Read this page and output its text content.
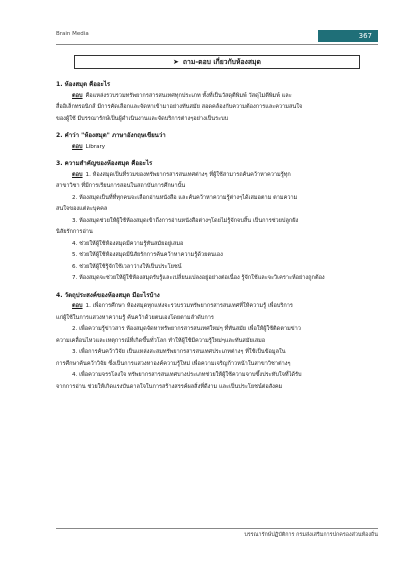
Brain Media	367
➤ ถาม-ตอบ เกี่ยวกับห้องสมุด
1. ห้องสมุด คืออะไร

ตอบ คือแหล่งรวบรวมทรัพยากรสารสนเทศทุกประเภท ทั้งที่เป็นวัสดุตีพิมพ์ วัสดุไม่ตีพิมพ์ และ

สื่ออิเล็กทรอนิกส์ มีการคัดเลือกและจัดหาเข้ามาอย่างทันสมัย สอดคล้องกับความต้องการและความสนใจ

ของผู้ใช้ มีบรรณารักษ์เป็นผู้ดำเนินงานและจัดบริการต่างๆอย่างเป็นระบบ

2. คำว่า "ห้องสมุด" ภาษาอังกฤษเขียนว่า

ตอบ Library

3. ความสำคัญของห้องสมุด คืออะไร

ตอบ 1. ห้องสมุดเป็นที่รวมของทรัพยากรสารสนเทศต่างๆ ที่ผู้ใช้สามารถค้นคว้าหาความรู้ทุก

สาขาวิชา ที่มีการเรียนการสอนในสถาบันการศึกษานั้น

2. ห้องสมุดเป็นที่ที่ทุกคนจะเลือกอ่านหนังสือ และค้นคว้าหาความรู้ต่างๆได้เสมอตาม ตามความ

สนใจของแต่ละบุคคล

3. ห้องสมุดช่วยให้ผู้ใช้ห้องสมุดเข้าถึงการอ่านหนังสือต่างๆโดยไม่รู้จักจบสิ้น เป็นการช่วยปลูกฝัง

นิสัยรักการอ่าน

4. ช่วยให้ผู้ใช้ห้องสมุดมีความรู้ทันสมัยอยู่เสมอ

5. ช่วยให้ผู้ใช้ห้องสมุดมีนิสัยรักการค้นคว้าหาความรู้ด้วยตนเอง

6. ช่วยให้ผู้ใช้รู้จักใช้เวลาว่างให้เป็นประโยชน์

7. ห้องสมุดจะช่วยให้ผู้ใช้ห้องสมุดรับรู้และเปลี่ยนแปลงอยู่อย่างต่อเนื่อง รู้จักใช้และจะวิเคราะห์อย่างถูกต้อง

4. วัตถุประสงค์ของห้องสมุด มีอะไรบ้าง

ตอบ 1. เพื่อการศึกษา ห้องสมุดทุกแห่งจะรวบรวมทรัพยากรสารสนเทศที่ให้ความรู้ เพื่อบริการ

แก่ผู้ใช้ในการแสวงหาความรู้ ค้นคว้าด้วยตนเองโดยตามลำดับการ

2. เพื่อความรู้ข่าวสาร ห้องสมุดจัดหาทรัพยากรสารสนเทศใหม่ๆ ที่ทันสมัย เพื่อให้ผู้ใช้ติดตามข่าว

ความเคลื่อนไหวและเหตุการณ์ที่เกิดขึ้นทั่วโลก ทำให้ผู้ใช้มีความรู้ใหม่ๆและทันสมัยเสมอ

3. เพื่อการค้นคว้าวิจัย เป็นแหล่งสะสมทรัพยากรสารสนเทศประเภทต่างๆ ที่ใช้เป็นข้อมูลใน

การศึกษาค้นคว้าวิจัย ซึ่งเป็นการแสวงหาองค์ความรู้ใหม่ เพื่อความเจริญก้าวหน้าในสาขาวิชาต่างๆ

4. เพื่อความจรรโลงใจ ทรัพยากรสารสนเทศบางประเภทช่วยให้ผู้ใช้ความจาบซึ้งประทับใจที่ได้รับ

จากการอ่าน ช่วยให้เกิดแรงบันดาลใจในการสร้างสรรค์ผลสิ่งที่ดีงาม และเป็นประโยชน์ต่อสังคม

บรรณารักษ์ปฏิบัติการ กรมส่งเสริมการปกครองส่วนท้องถิ่น
